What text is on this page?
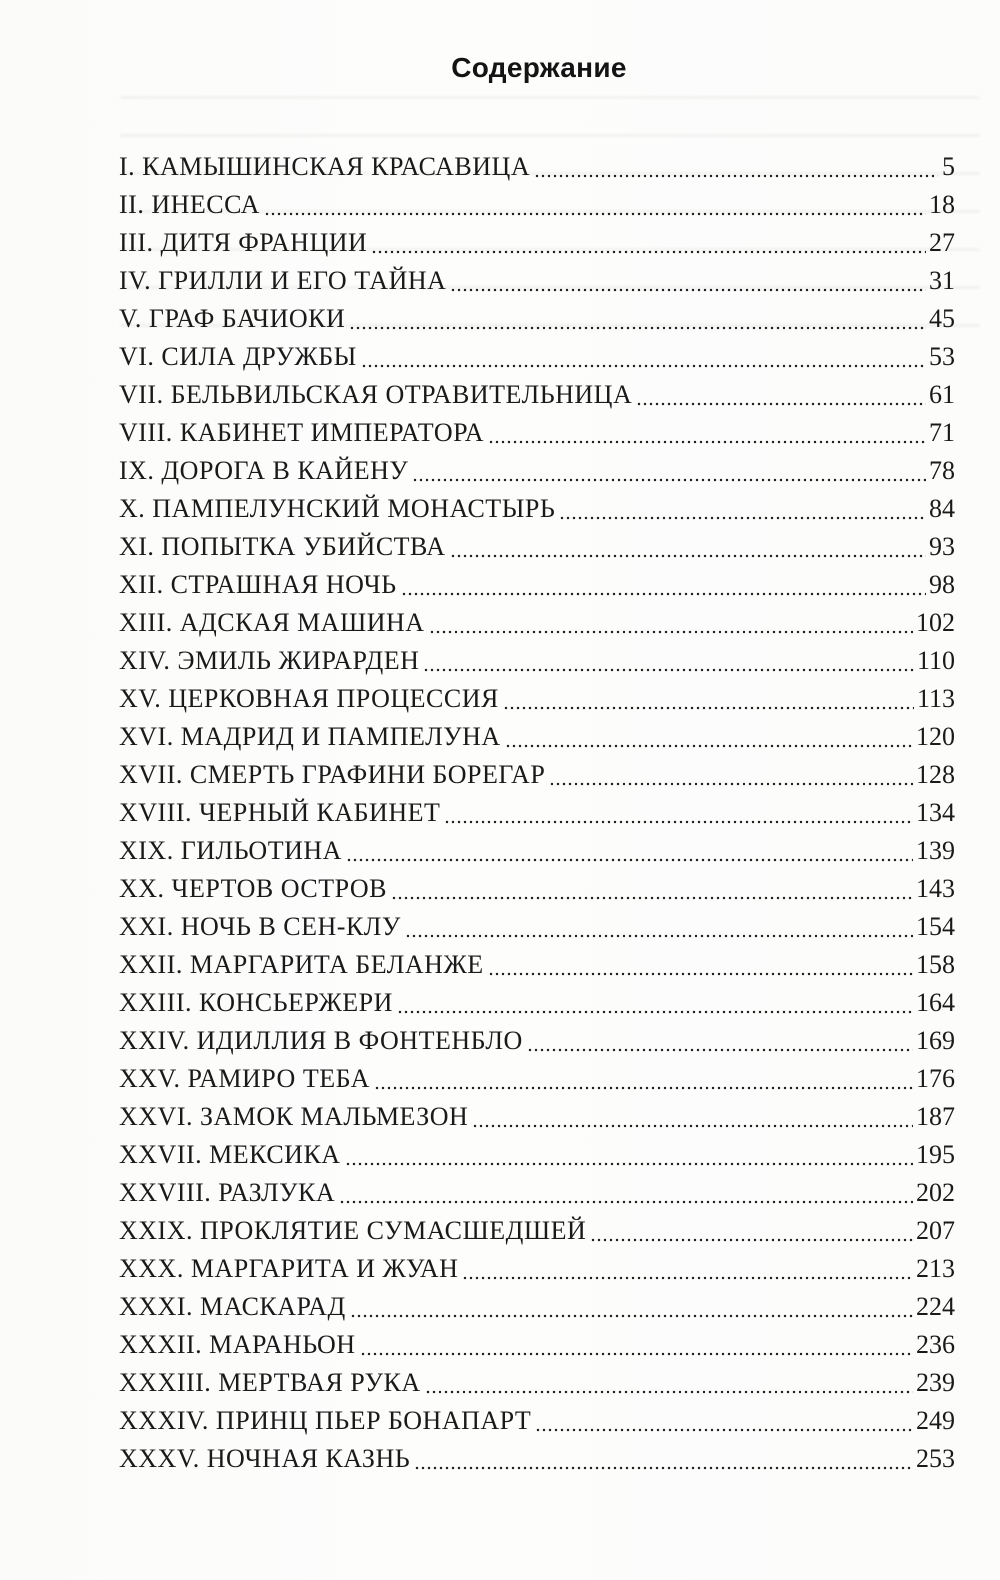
Содержание
I. КАМЫШИНСКАЯ КРАСАВИЦА	5
II. ИНЕССА	18
III. ДИТЯ ФРАНЦИИ	27
IV. ГРИЛЛИ И ЕГО ТАЙНА	31
V. ГРАФ БАЧИОКИ	45
VI. СИЛА ДРУЖБЫ	53
VII. БЕЛЬВИЛЬСКАЯ ОТРАВИТЕЛЬНИЦА	61
VIII. КАБИНЕТ ИМПЕРАТОРА	71
IX. ДОРОГА В КАЙЕНУ	78
X. ПАМПЕЛУНСКИЙ МОНАСТЫРЬ	84
XI. ПОПЫТКА УБИЙСТВА	93
XII. СТРАШНАЯ НОЧЬ	98
XIII. АДСКАЯ МАШИНА	102
XIV. ЭМИЛЬ ЖИРАРДЕН	110
XV. ЦЕРКОВНАЯ ПРОЦЕССИЯ	113
XVI. МАДРИД И ПАМПЕЛУНА	120
XVII. СМЕРТЬ ГРАФИНИ БОРЕГАР	128
XVIII. ЧЕРНЫЙ КАБИНЕТ	134
XIX. ГИЛЬОТИНА	139
XX. ЧЕРТОВ ОСТРОВ	143
XXI. НОЧЬ В СЕН-КЛУ	154
XXII. МАРГАРИТА БЕЛАНЖЕ	158
XXIII. КОНСЬЕРЖЕРИ	164
XXIV. ИДИЛЛИЯ В ФОНТЕНБЛО	169
XXV. РАМИРО ТЕБА	176
XXVI. ЗАМОК МАЛЬМЕЗОН	187
XXVII. МЕКСИКА	195
XXVIII. РАЗЛУКА	202
XXIX. ПРОКЛЯТИЕ СУМАСШЕДШЕЙ	207
XXX. МАРГАРИТА И ЖУАН	213
XXXI. МАСКАРАД	224
XXXII. МАРАНЬОН	236
XXXIII. МЕРТВАЯ РУКА	239
XXXIV. ПРИНЦ ПЬЕР БОНАПАРТ	249
XXXV. НОЧНАЯ КАЗНЬ	253
